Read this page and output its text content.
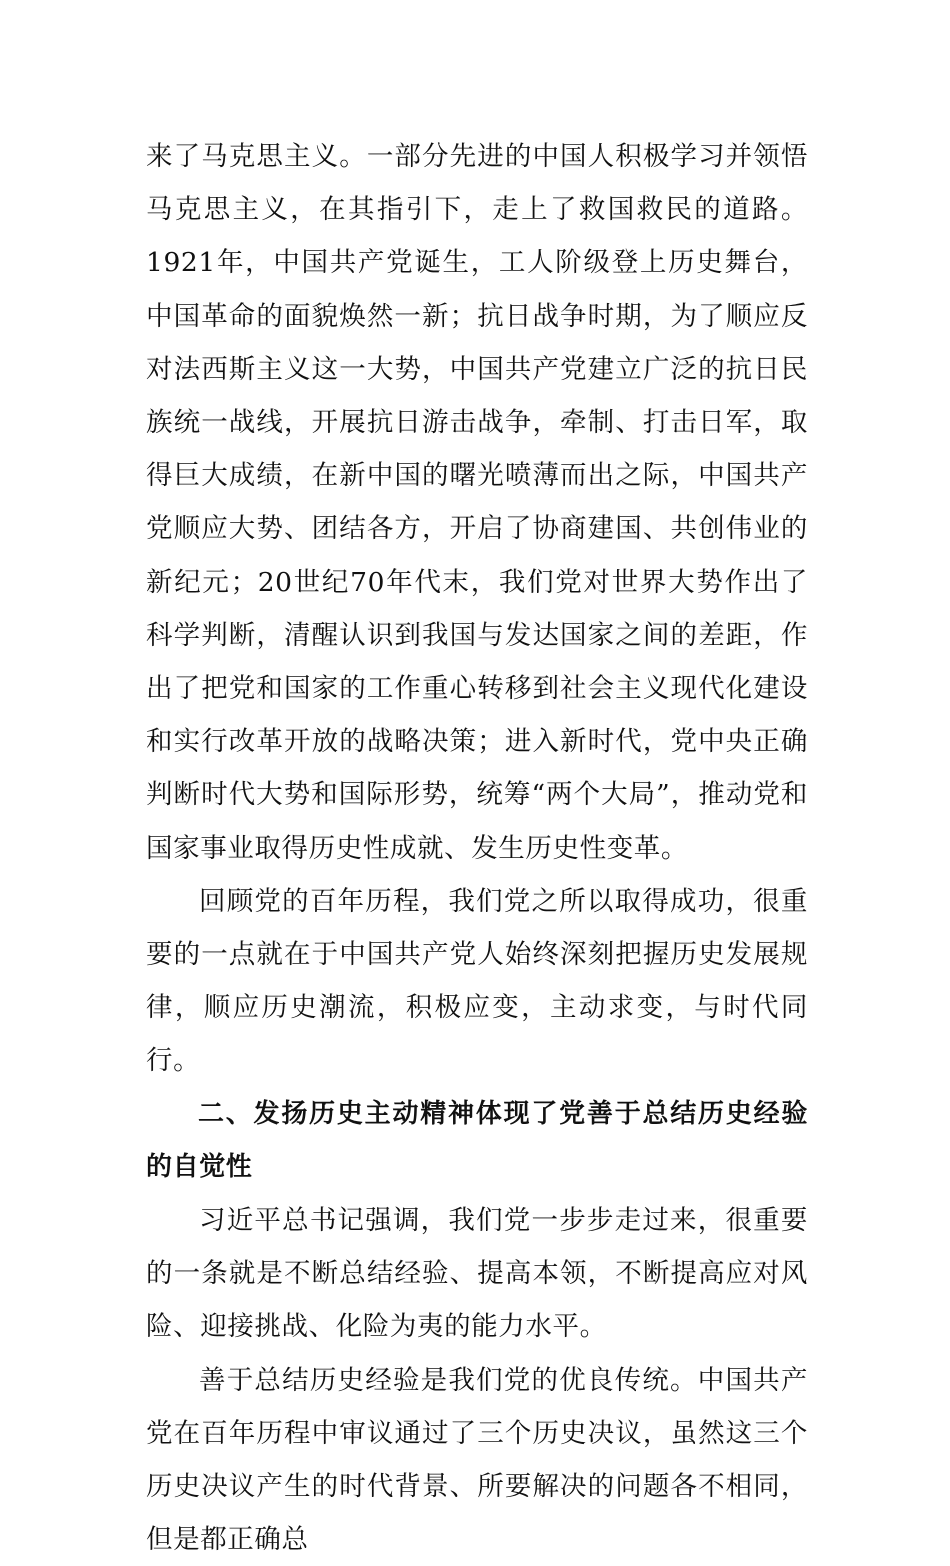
来了马克思主义。一部分先进的中国人积极学习并领悟马克思主义，在其指引下，走上了救国救民的道路。1921年，中国共产党诞生，工人阶级登上历史舞台，中国革命的面貌焕然一新；抗日战争时期，为了顺应反对法西斯主义这一大势，中国共产党建立广泛的抗日民族统一战线，开展抗日游击战争，牵制、打击日军，取得巨大成绩，在新中国的曙光喷薄而出之际，中国共产党顺应大势、团结各方，开启了协商建国、共创伟业的新纪元；20世纪70年代末，我们党对世界大势作出了科学判断，清醒认识到我国与发达国家之间的差距，作出了把党和国家的工作重心转移到社会主义现代化建设和实行改革开放的战略决策；进入新时代，党中央正确判断时代大势和国际形势，统筹“两个大局”，推动党和国家事业取得历史性成就、发生历史性变革。

回顾党的百年历程，我们党之所以取得成功，很重要的一点就在于中国共产党人始终深刻把握历史发展规律，顺应历史潮流，积极应变，主动求变，与时代同行。

二、发扬历史主动精神体现了党善于总结历史经验的自觉性

习近平总书记强调，我们党一步步走过来，很重要的一条就是不断总结经验、提高本领，不断提高应对风险、迎接挑战、化险为夷的能力水平。

善于总结历史经验是我们党的优良传统。中国共产党在百年历程中审议通过了三个历史决议，虽然这三个历史决议产生的时代背景、所要解决的问题各不相同，但是都正确总
